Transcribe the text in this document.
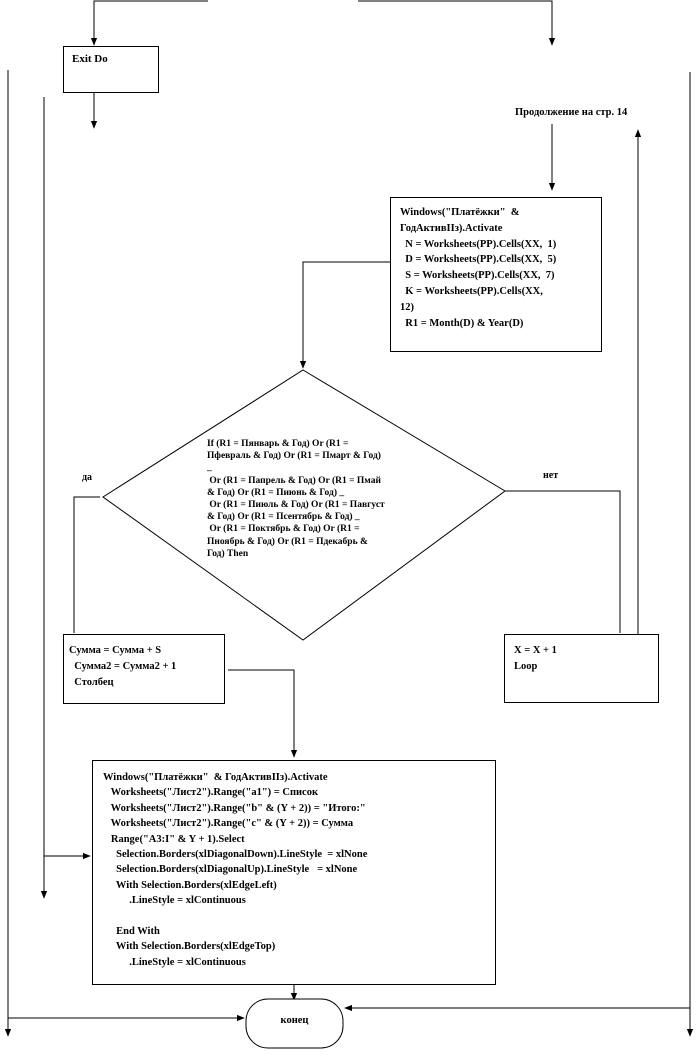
Exit Do
Продолжение на стр. 14
Windows("Платёжки"  &
ГодАктивIIз).Activate
N = Worksheets(PP).Cells(XX,  1)
D = Worksheets(PP).Cells(XX,  5)
S = Worksheets(PP).Cells(XX,  7)
K = Worksheets(PP).Cells(XX,
12)
R1 = Month(D) & Year(D)
If (R1 = Пянварь & Год) Or (R1 =
Пфевраль & Год) Or (R1 = Пмарт & Год)
_
Or (R1 = Папрель & Год) Or (R1 = Пмай
& Год) Or (R1 = Пиюнь & Год) _
Or (R1 = Пиюль & Год) Or (R1 = Павгуст
& Год) Or (R1 = Псентябрь & Год) _
Or (R1 = Поктябрь & Год) Or (R1 =
Пноябрь & Год) Or (R1 = Пдекабрь &
Год) Then
да	нет
Сумма = Сумма + S
Сумма2 = Сумма2 + 1
Столбец
X = X + 1
Loop
Windows("Платёжки"  & ГодАктивIIз).Activate
Worksheets("Лист2").Range("a1") = Список
Worksheets("Лист2").Range("b" & (Y + 2)) = "Итого:"
Worksheets("Лист2").Range("c" & (Y + 2)) = Сумма
Range("A3:I" & Y + 1).Select
Selection.Borders(xlDiagonalDown).LineStyle  = xlNone
Selection.Borders(xlDiagonalUp).LineStyle   = xlNone
With Selection.Borders(xlEdgeLeft)
.LineStyle = xlContinuous
End With
With Selection.Borders(xlEdgeTop)
.LineStyle = xlContinuous
конец
